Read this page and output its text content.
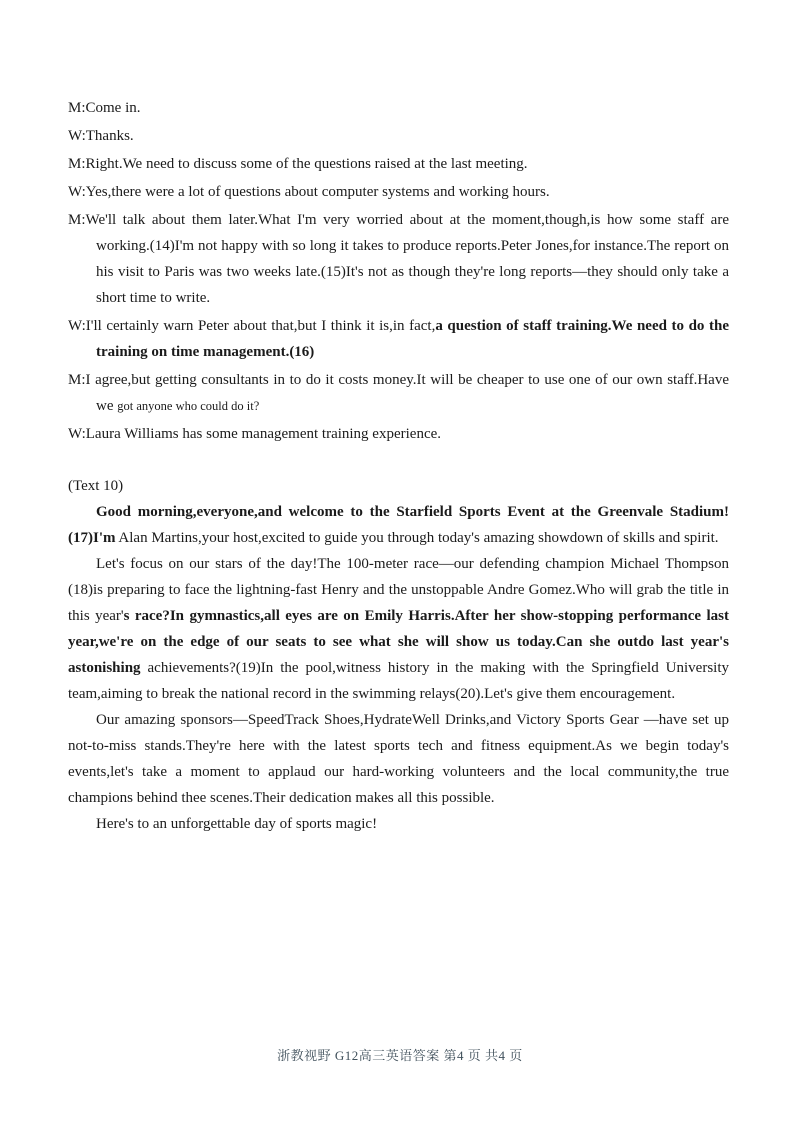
M:Come in.

W:Thanks.

M:Right.We need to discuss some of the questions raised at the last meeting.

W:Yes,there were a lot of questions about computer systems and working hours.

M:We'll talk about them later.What I'm very worried about at the moment,though,is how some staff are working.(14)I'm not happy with so long it takes to produce reports.Peter Jones,for instance.The report on his visit to Paris was two weeks late.(15)It's not as though they're long reports—they should only take a short time to write.

W:I'll certainly warn Peter about that,but I think it is,in fact,a question of staff training.We need to do the training on time management.(16)

M:I agree,but getting consultants in to do it costs money.It will be cheaper to use one of our own staff.Have we got anyone who could do it?

W:Laura Williams has some management training experience.

(Text 10)

Good morning,everyone,and welcome to the Starfield Sports Event at the Greenvale Stadium!(17)I'm Alan Martins,your host,excited to guide you through today's amazing showdown of skills and spirit.

Let's focus on our stars of the day!The 100-meter race—our defending champion Michael Thompson (18)is preparing to face the lightning-fast Henry and the unstoppable Andre Gomez.Who will grab the title in this year's race?In gymnastics,all eyes are on Emily Harris.After her show-stopping performance last year,we're on the edge of our seats to see what she will show us today.Can she outdo last year's astonishing achievements?(19)In the pool,witness history in the making with the Springfield University team,aiming to break the national record in the swimming relays(20).Let's give them encouragement.

Our amazing sponsors—SpeedTrack Shoes,HydrateWell Drinks,and Victory Sports Gear —have set up not-to-miss stands.They're here with the latest sports tech and fitness equipment.As we begin today's events,let's take a moment to applaud our hard-working volunteers and the local community,the true champions behind thee scenes.Their dedication makes all this possible.

Here's to an unforgettable day of sports magic!

浙教视野 G12高三英语答案 第4 页 共4 页
